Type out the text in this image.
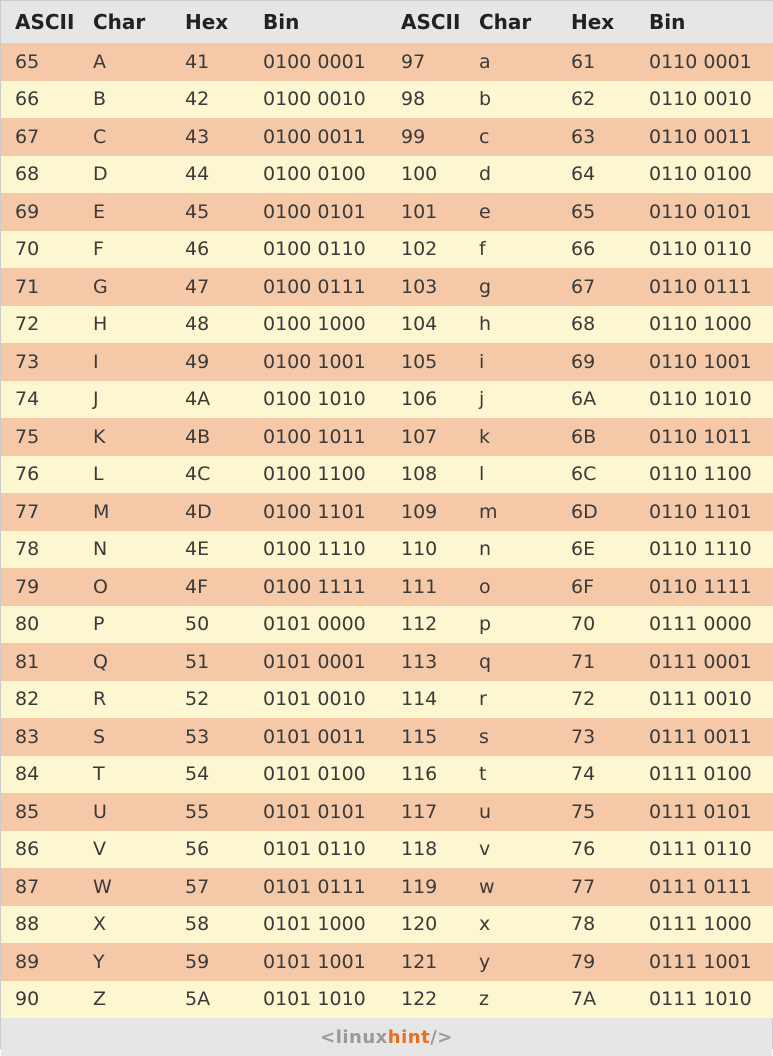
ASCII	Char	Hex	Bin	ASCII	Char	Hex	Bin
65	A	41	0100 0001	97	a	61	0110 0001
66	B	42	0100 0010	98	b	62	0110 0010
67	C	43	0100 0011	99	c	63	0110 0011
68	D	44	0100 0100	100	d	64	0110 0100
69	E	45	0100 0101	101	e	65	0110 0101
70	F	46	0100 0110	102	f	66	0110 0110
71	G	47	0100 0111	103	g	67	0110 0111
72	H	48	0100 1000	104	h	68	0110 1000
73	I	49	0100 1001	105	i	69	0110 1001
74	J	4A	0100 1010	106	j	6A	0110 1010
75	K	4B	0100 1011	107	k	6B	0110 1011
76	L	4C	0100 1100	108	l	6C	0110 1100
77	M	4D	0100 1101	109	m	6D	0110 1101
78	N	4E	0100 1110	110	n	6E	0110 1110
79	O	4F	0100 1111	111	o	6F	0110 1111
80	P	50	0101 0000	112	p	70	0111 0000
81	Q	51	0101 0001	113	q	71	0111 0001
82	R	52	0101 0010	114	r	72	0111 0010
83	S	53	0101 0011	115	s	73	0111 0011
84	T	54	0101 0100	116	t	74	0111 0100
85	U	55	0101 0101	117	u	75	0111 0101
86	V	56	0101 0110	118	v	76	0111 0110
87	W	57	0101 0111	119	w	77	0111 0111
88	X	58	0101 1000	120	x	78	0111 1000
89	Y	59	0101 1001	121	y	79	0111 1001
90	Z	5A	0101 1010	122	z	7A	0111 1010
<linuxhint/>
